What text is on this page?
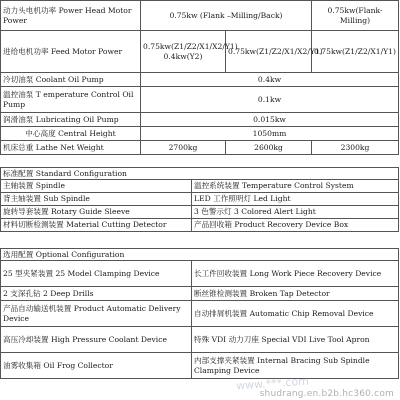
动力头电机功率 Power Head Motor Power	0.75kw (Flank –Milling/Back)		0.75kw(Flank-Milling)
进给电机功率 Feed Motor Power	0.75kw(Z1/Z2/X1/X2/Y1) 0.4kw(Y2)	0.75kw(Z1/Z2/X1/X2/Y1)	0.75kw(Z1/Z2/X1/Y1)
冷切油泵 Coolant Oil Pump	0.4kw		
温控油泵 T emperature Control Oil Pump	0.1kw		
润滑油泵 Lubricating Oil Pump	0.015kw		
中心高度 Central Height	1050mm		
机床总重 Lathe Net Weight	2700kg	2600kg	2300kg
标准配置 Standard Configuration	
主轴装置 Spindle	温控系统装置 Temperature Control System
背主轴装置 Sub Spindle	LED 工作照明灯 Led Light
旋转导套装置 Rotary Guide Sleeve	3 色警示灯 3 Colored Alert Light
材料切断检测装置 Material Cutting Detector	产品回收箱 Product Recovery Device Box
选用配置 Optional Configuration	
25 型夹紧装置 25 Model Clamping Device	长工件回收装置 Long Work Piece Recovery Device
2 支深孔钻 2 Deep Drills	断丝锥检测装置 Broken Tap Detector
产品自动输送机装置 Product Automatic Delivery Device	自动排屑机装置 Automatic Chip Removal Device
高压冷却装置 High Pressure Coolant Device	特殊 VDI 动力刀座 Special VDI Live Tool Apron
油雾收集箱 Oil Frog Collector	内部支撑夹紧装置 Internal Bracing Sub Spindle Clamping Device
www.***.com
shudrang.en.b2b.hc360.com
